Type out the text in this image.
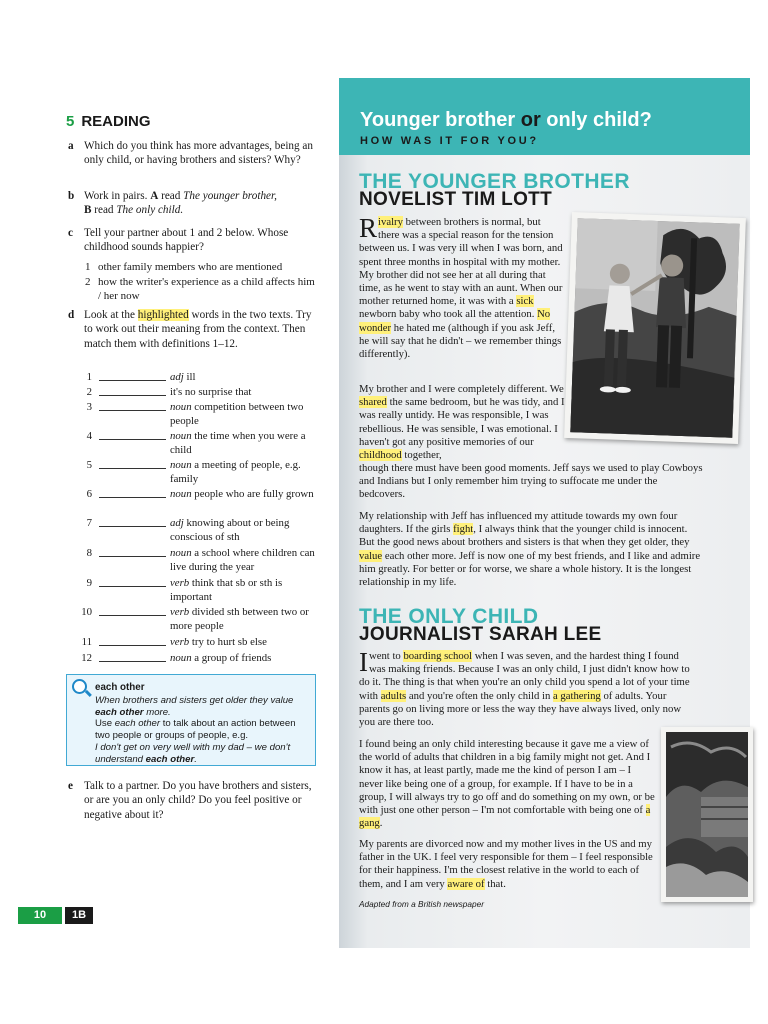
5 READING
a Which do you think has more advantages, being an only child, or having brothers and sisters? Why?
b Work in pairs. A read The younger brother,
B read The only child.
c Tell your partner about 1 and 2 below. Whose childhood sounds happier?
1 other family members who are mentioned
2 how the writer's experience as a child affects him / her now
d Look at the highlighted words in the two texts. Try to work out their meaning from the context. Then match them with definitions 1–12.
1	adj ill
2	it's no surprise that
3	noun competition between two people
4	noun the time when you were a child
5	noun a meeting of people, e.g. family
6	noun people who are fully grown
7	adj knowing about or being conscious of sth
8	noun a school where children can live during the year
9	verb think that sb or sth is important
10	verb divided sth between two or more people
11	verb try to hurt sb else
12	noun a group of friends
each other
When brothers and sisters get older they value each other more.
Use each other to talk about an action between two people or groups of people, e.g.
I don't get on very well with my dad – we don't understand each other.
e Talk to a partner. Do you have brothers and sisters, or are you an only child? Do you feel positive or negative about it?
10	1B
Younger brother or only child?
HOW WAS IT FOR YOU?
THE YOUNGER BROTHER
NOVELIST TIM LOTT
Rivalry between brothers is normal, but there was a special reason for the tension between us. I was very ill when I was born, and spent three months in hospital with my mother. My brother did not see her at all during that time, as he went to stay with an aunt. When our mother returned home, it was with a sick newborn baby who took all the attention. No wonder he hated me (although if you ask Jeff, he will say that he didn't – we remember things differently).
My brother and I were completely different. We shared the same bedroom, but he was tidy, and I was really untidy. He was responsible, I was rebellious. He was sensible, I was emotional. I haven't got any positive memories of our childhood together,
though there must have been good moments. Jeff says we used to play Cowboys and Indians but I only remember him trying to suffocate me under the bedcovers.
My relationship with Jeff has influenced my attitude towards my own four daughters. If the girls fight, I always think that the younger child is innocent. But the good news about brothers and sisters is that when they get older, they value each other more. Jeff is now one of my best friends, and I like and admire him greatly. For better or for worse, we share a whole history. It is the longest relationship in my life.
THE ONLY CHILD
JOURNALIST SARAH LEE
I went to boarding school when I was seven, and the hardest thing I found was making friends. Because I was an only child, I just didn't know how to do it. The thing is that when you're an only child you spend a lot of your time with adults and you're often the only child in a gathering of adults. Your parents go on living more or less the way they have always lived, only now you are there too.
I found being an only child interesting because it gave me a view of the world of adults that children in a big family might not get. And I know it has, at least partly, made me the kind of person I am – I never like being one of a group, for example. If I have to be in a group, I will always try to go off and do something on my own, or be with just one other person – I'm not comfortable with being one of a gang.
My parents are divorced now and my mother lives in the US and my father in the UK. I feel very responsible for them – I feel responsible for their happiness. I'm the closest relative in the world to each of them, and I am very aware of that.
Adapted from a British newspaper
